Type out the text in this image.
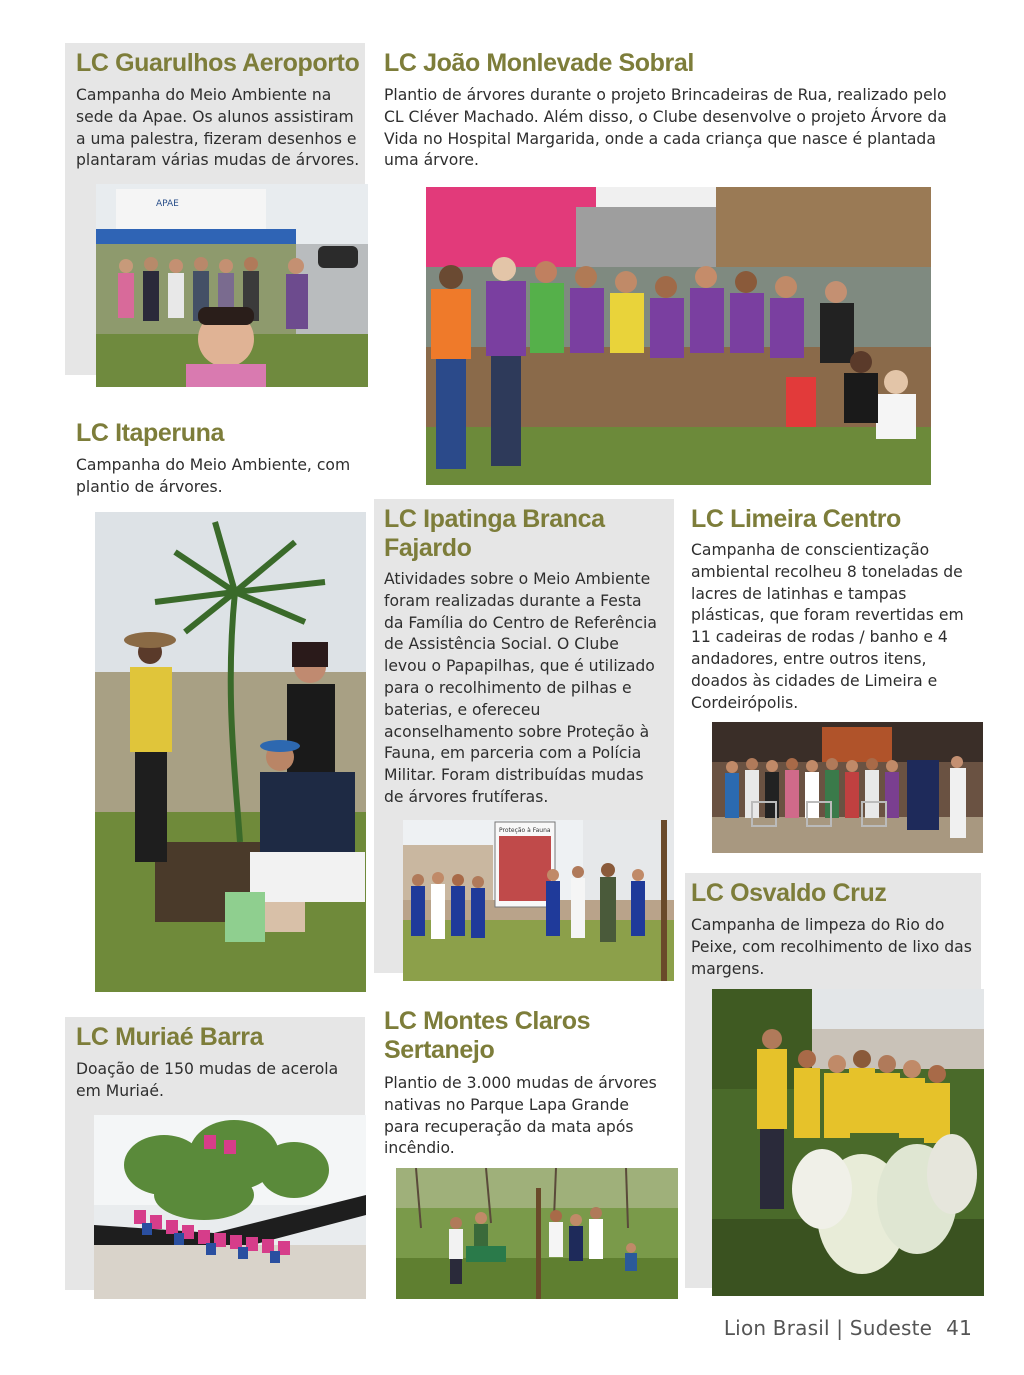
LC Guarulhos Aeroporto

Campanha do Meio Ambiente na sede da Apae. Os alunos assistiram a uma palestra, fizeram desenhos e plantaram várias mudas de árvores.

APAE
LC João Monlevade Sobral

Plantio de árvores durante o projeto Brincadeiras de Rua, realizado pelo CL Cléver Machado. Além disso, o Clube desenvolve o projeto Árvore da Vida no Hospital Margarida, onde a cada criança que nasce é plantada uma árvore.

LC Itaperuna

Campanha do Meio Ambiente, com plantio de árvores.

LC Ipatinga Branca Fajardo

Atividades sobre o Meio Ambiente foram realizadas durante a Festa da Família do Centro de Referência de Assistência Social. O Clube levou o Papapilhas, que é utilizado para o recolhimento de pilhas e baterias, e ofereceu aconselhamento sobre Proteção à Fauna, em parceria com a Polícia Militar. Foram distribuídas mudas de árvores frutíferas.

Proteção à Fauna
LC Limeira Centro

Campanha de conscientização ambiental recolheu 8 toneladas de lacres de latinhas e tampas plásticas, que foram revertidas em 11 cadeiras de rodas / banho e 4 andadores, entre outros itens, doados às cidades de Limeira e Cordeirópolis.

LC Osvaldo Cruz

Campanha de limpeza do Rio do Peixe, com recolhimento de lixo das margens.

LC Muriaé Barra

Doação de 150 mudas de acerola em Muriaé.

LC Montes Claros Sertanejo

Plantio de 3.000 mudas de árvores nativas no Parque Lapa Grande para recuperação da mata após incêndio.

Lion Brasil | Sudeste 41
